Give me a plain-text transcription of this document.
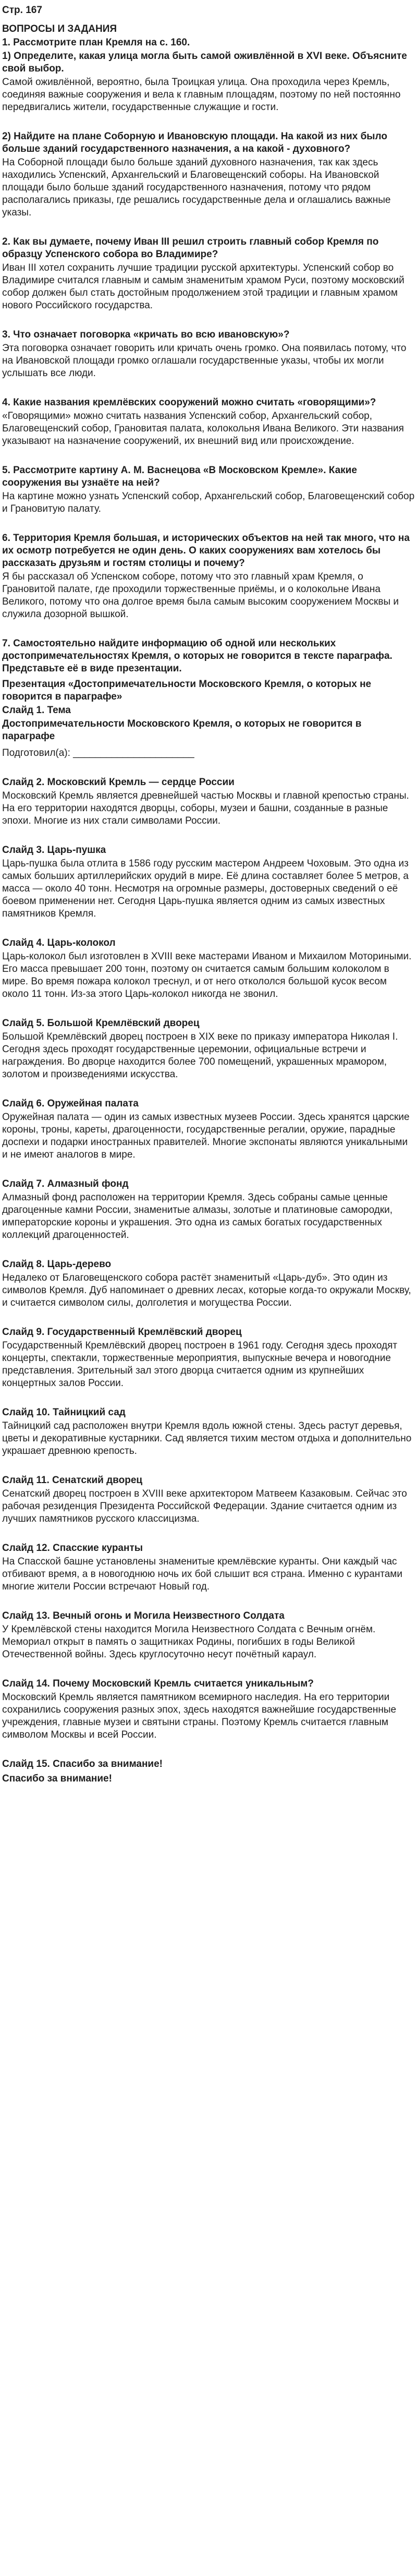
Стр. 167
ВОПРОСЫ И ЗАДАНИЯ
1. Рассмотрите план Кремля на с. 160.
1) Определите, какая улица могла быть самой оживлённой в XVI веке. Объясните свой выбор.
Самой оживлённой, вероятно, была Троицкая улица. Она проходила через Кремль, соединяя важные сооружения и вела к главным площадям, поэтому по ней постоянно передвигались жители, государственные служащие и гости.
2) Найдите на плане Соборную и Ивановскую площади. На какой из них было больше зданий государственного назначения, а на какой - духовного?
На Соборной площади было больше зданий духовного назначения, так как здесь находились Успенский, Архангельский и Благовещенский соборы. На Ивановской площади было больше зданий государственного назначения, потому что рядом располагались приказы, где решались государственные дела и оглашались важные указы.
2. Как вы думаете, почему Иван III решил строить главный собор Кремля по образцу Успенского собора во Владимире?
Иван III хотел сохранить лучшие традиции русской архитектуры. Успенский собор во Владимире считался главным и самым знаменитым храмом Руси, поэтому московский собор должен был стать достойным продолжением этой традиции и главным храмом нового Российского государства.
3. Что означает поговорка «кричать во всю ивановскую»?
Эта поговорка означает говорить или кричать очень громко. Она появилась потому, что на Ивановской площади громко оглашали государственные указы, чтобы их могли услышать все люди.
4. Какие названия кремлёвских сооружений можно считать «говорящими»?
«Говорящими» можно считать названия Успенский собор, Архангельский собор, Благовещенский собор, Грановитая палата, колокольня Ивана Великого. Эти названия указывают на назначение сооружений, их внешний вид или происхождение.
5. Рассмотрите картину А. М. Васнецова «В Московском Кремле». Какие сооружения вы узнаёте на ней?
На картине можно узнать Успенский собор, Архангельский собор, Благовещенский собор и Грановитую палату.
6. Территория Кремля большая, и исторических объектов на ней так много, что на их осмотр потребуется не один день. О каких сооружениях вам хотелось бы рассказать друзьям и гостям столицы и почему?
Я бы рассказал об Успенском соборе, потому что это главный храм Кремля, о Грановитой палате, где проходили торжественные приёмы, и о колокольне Ивана Великого, потому что она долгое время была самым высоким сооружением Москвы и служила дозорной вышкой.
7. Самостоятельно найдите информацию об одной или нескольких достопримечательностях Кремля, о которых не говорится в тексте параграфа. Представьте её в виде презентации.
Презентация «Достопримечательности Московского Кремля, о которых не говорится в параграфе»
Слайд 1. Тема
Достопримечательности Московского Кремля, о которых не говорится в параграфе
Подготовил(а): ______________________
Слайд 2. Московский Кремль — сердце России
Московский Кремль является древнейшей частью Москвы и главной крепостью страны. На его территории находятся дворцы, соборы, музеи и башни, созданные в разные эпохи. Многие из них стали символами России.
Слайд 3. Царь-пушка
Царь-пушка была отлита в 1586 году русским мастером Андреем Чоховым. Это одна из самых больших артиллерийских орудий в мире. Её длина составляет более 5 метров, а масса — около 40 тонн. Несмотря на огромные размеры, достоверных сведений о её боевом применении нет. Сегодня Царь-пушка является одним из самых известных памятников Кремля.
Слайд 4. Царь-колокол
Царь-колокол был изготовлен в XVIII веке мастерами Иваном и Михаилом Моториными. Его масса превышает 200 тонн, поэтому он считается самым большим колоколом в мире. Во время пожара колокол треснул, и от него откололся большой кусок весом около 11 тонн. Из-за этого Царь-колокол никогда не звонил.
Слайд 5. Большой Кремлёвский дворец
Большой Кремлёвский дворец построен в XIX веке по приказу императора Николая I. Сегодня здесь проходят государственные церемонии, официальные встречи и награждения. Во дворце находится более 700 помещений, украшенных мрамором, золотом и произведениями искусства.
Слайд 6. Оружейная палата
Оружейная палата — один из самых известных музеев России. Здесь хранятся царские короны, троны, кареты, драгоценности, государственные регалии, оружие, парадные доспехи и подарки иностранных правителей. Многие экспонаты являются уникальными и не имеют аналогов в мире.
Слайд 7. Алмазный фонд
Алмазный фонд расположен на территории Кремля. Здесь собраны самые ценные драгоценные камни России, знаменитые алмазы, золотые и платиновые самородки, императорские короны и украшения. Это одна из самых богатых государственных коллекций драгоценностей.
Слайд 8. Царь-дерево
Недалеко от Благовещенского собора растёт знаменитый «Царь-дуб». Это один из символов Кремля. Дуб напоминает о древних лесах, которые когда-то окружали Москву, и считается символом силы, долголетия и могущества России.
Слайд 9. Государственный Кремлёвский дворец
Государственный Кремлёвский дворец построен в 1961 году. Сегодня здесь проходят концерты, спектакли, торжественные мероприятия, выпускные вечера и новогодние представления. Зрительный зал этого дворца считается одним из крупнейших концертных залов России.
Слайд 10. Тайницкий сад
Тайницкий сад расположен внутри Кремля вдоль южной стены. Здесь растут деревья, цветы и декоративные кустарники. Сад является тихим местом отдыха и дополнительно украшает древнюю крепость.
Слайд 11. Сенатский дворец
Сенатский дворец построен в XVIII веке архитектором Матвеем Казаковым. Сейчас это рабочая резиденция Президента Российской Федерации. Здание считается одним из лучших памятников русского классицизма.
Слайд 12. Спасские куранты
На Спасской башне установлены знаменитые кремлёвские куранты. Они каждый час отбивают время, а в новогоднюю ночь их бой слышит вся страна. Именно с курантами многие жители России встречают Новый год.
Слайд 13. Вечный огонь и Могила Неизвестного Солдата
У Кремлёвской стены находится Могила Неизвестного Солдата с Вечным огнём. Мемориал открыт в память о защитниках Родины, погибших в годы Великой Отечественной войны. Здесь круглосуточно несут почётный караул.
Слайд 14. Почему Московский Кремль считается уникальным?
Московский Кремль является памятником всемирного наследия. На его территории сохранились сооружения разных эпох, здесь находятся важнейшие государственные учреждения, главные музеи и святыни страны. Поэтому Кремль считается главным символом Москвы и всей России.
Слайд 15. Спасибо за внимание!
Спасибо за внимание!
